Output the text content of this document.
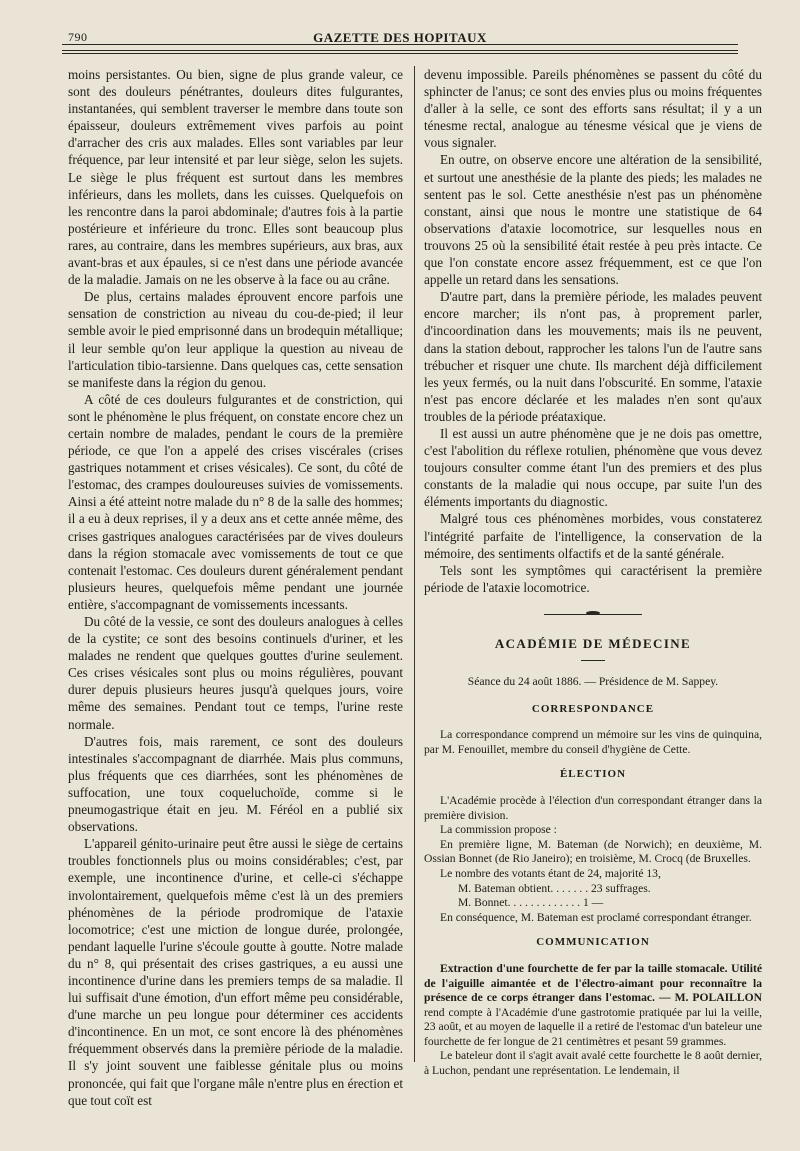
790	GAZETTE DES HOPITAUX

moins persistantes. Ou bien, signe de plus grande valeur, ce sont des douleurs pénétrantes, douleurs dites fulgurantes, instantanées, qui semblent traverser le membre dans toute son épaisseur, douleurs extrêmement vives parfois au point d'arracher des cris aux malades. Elles sont variables par leur fréquence, par leur intensité et par leur siège, selon les sujets. Le siège le plus fréquent est surtout dans les membres inférieurs, dans les mollets, dans les cuisses. Quelquefois on les rencontre dans la paroi abdominale; d'autres fois à la partie postérieure et inférieure du tronc. Elles sont beaucoup plus rares, au contraire, dans les membres supérieurs, aux bras, aux avant-bras et aux épaules, si ce n'est dans une période avancée de la maladie. Jamais on ne les observe à la face ou au crâne.

De plus, certains malades éprouvent encore parfois une sensation de constriction au niveau du cou-de-pied; il leur semble avoir le pied emprisonné dans un brodequin métallique; il leur semble qu'on leur applique la question au niveau de l'articulation tibio-tarsienne. Dans quelques cas, cette sensation se manifeste dans la région du genou.

A côté de ces douleurs fulgurantes et de constriction, qui sont le phénomène le plus fréquent, on constate encore chez un certain nombre de malades, pendant le cours de la première période, ce que l'on a appelé des crises viscérales (crises gastriques notamment et crises vésicales). Ce sont, du côté de l'estomac, des crampes douloureuses suivies de vomissements. Ainsi a été atteint notre malade du n° 8 de la salle des hommes; il a eu à deux reprises, il y a deux ans et cette année même, des crises gastriques analogues caractérisées par de vives douleurs dans la région stomacale avec vomissements de tout ce que contenait l'estomac. Ces douleurs durent généralement pendant plusieurs heures, quelquefois même pendant une journée entière, s'accompagnant de vomissements incessants.

Du côté de la vessie, ce sont des douleurs analogues à celles de la cystite; ce sont des besoins continuels d'uriner, et les malades ne rendent que quelques gouttes d'urine seulement. Ces crises vésicales sont plus ou moins régulières, pouvant durer depuis plusieurs heures jusqu'à quelques jours, voire même des semaines. Pendant tout ce temps, l'urine reste normale.

D'autres fois, mais rarement, ce sont des douleurs intestinales s'accompagnant de diarrhée. Mais plus communs, plus fréquents que ces diarrhées, sont les phénomènes de suffocation, une toux coqueluchoïde, comme si le pneumogastrique était en jeu. M. Féréol en a publié six observations.

L'appareil génito-urinaire peut être aussi le siège de certains troubles fonctionnels plus ou moins considérables; c'est, par exemple, une incontinence d'urine, et celle-ci s'échappe involontairement, quelquefois même c'est là un des premiers phénomènes de la période prodromique de l'ataxie locomotrice; c'est une miction de longue durée, prolongée, pendant laquelle l'urine s'écoule goutte à goutte. Notre malade du n° 8, qui présentait des crises gastriques, a eu aussi une incontinence d'urine dans les premiers temps de sa maladie. Il lui suffisait d'une émotion, d'un effort même peu considérable, d'une marche un peu longue pour déterminer ces accidents d'incontinence. En un mot, ce sont encore là des phénomènes fréquemment observés dans la première période de la maladie. Il s'y joint souvent une faiblesse génitale plus ou moins prononcée, qui fait que l'organe mâle n'entre plus en érection et que tout coït est

devenu impossible. Pareils phénomènes se passent du côté du sphincter de l'anus; ce sont des envies plus ou moins fréquentes d'aller à la selle, ce sont des efforts sans résultat; il y a un ténesme rectal, analogue au ténesme vésical que je viens de vous signaler.

En outre, on observe encore une altération de la sensibilité, et surtout une anesthésie de la plante des pieds; les malades ne sentent pas le sol. Cette anesthésie n'est pas un phénomène constant, ainsi que nous le montre une statistique de 64 observations d'ataxie locomotrice, sur lesquelles nous en trouvons 25 où la sensibilité était restée à peu près intacte. Ce que l'on constate encore assez fréquemment, est ce que l'on appelle un retard dans les sensations.

D'autre part, dans la première période, les malades peuvent encore marcher; ils n'ont pas, à proprement parler, d'incoordination dans les mouvements; mais ils ne peuvent, dans la station debout, rapprocher les talons l'un de l'autre sans trébucher et risquer une chute. Ils marchent déjà difficilement les yeux fermés, ou la nuit dans l'obscurité. En somme, l'ataxie n'est pas encore déclarée et les malades n'en sont qu'aux troubles de la période préataxique.

Il est aussi un autre phénomène que je ne dois pas omettre, c'est l'abolition du réflexe rotulien, phénomène que vous devez toujours consulter comme étant l'un des premiers et des plus constants de la maladie qui nous occupe, par suite l'un des éléments importants du diagnostic.

Malgré tous ces phénomènes morbides, vous constaterez l'intégrité parfaite de l'intelligence, la conservation de la mémoire, des sentiments olfactifs et de la santé générale.

Tels sont les symptômes qui caractérisent la première période de l'ataxie locomotrice.

ACADÉMIE DE MÉDECINE

Séance du 24 août 1886. — Présidence de M. Sappey.

CORRESPONDANCE

La correspondance comprend un mémoire sur les vins de quinquina, par M. Fenouillet, membre du conseil d'hygiène de Cette.

ÉLECTION

L'Académie procède à l'élection d'un correspondant étranger dans la première division.

La commission propose :

En première ligne, M. Bateman (de Norwich); en deuxième, M. Ossian Bonnet (de Rio Janeiro); en troisième, M. Crocq (de Bruxelles.

Le nombre des votants étant de 24, majorité 13,

M. Bateman obtient. . . . . . . 23 suffrages.

M. Bonnet. . . . . . . . . . . . . 1 —

En conséquence, M. Bateman est proclamé correspondant étranger.

COMMUNICATION

Extraction d'une fourchette de fer par la taille stomacale. Utilité de l'aiguille aimantée et de l'électro-aimant pour reconnaître la présence de ce corps étranger dans l'estomac. — M. POLAILLON rend compte à l'Académie d'une gastrotomie pratiquée par lui la veille, 23 août, et au moyen de laquelle il a retiré de l'estomac d'un bateleur une fourchette de fer longue de 21 centimètres et pesant 59 grammes.

Le bateleur dont il s'agit avait avalé cette fourchette le 8 août dernier, à Luchon, pendant une représentation. Le lendemain, il
